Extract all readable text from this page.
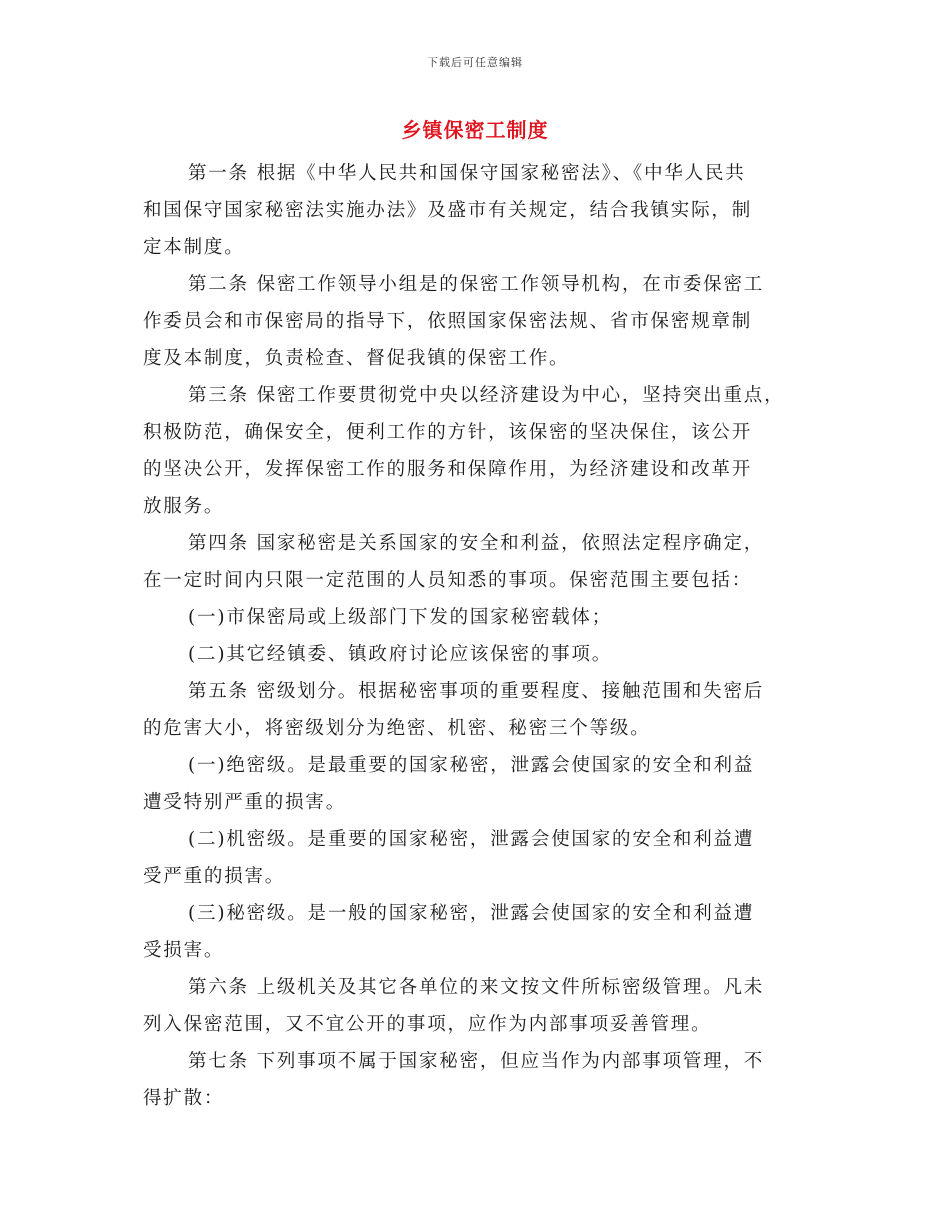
下载后可任意编辑
乡镇保密工制度
第一条 根据《中华人民共和国保守国家秘密法》、《中华人民共
和国保守国家秘密法实施办法》及盛市有关规定，结合我镇实际，制
定本制度。
第二条 保密工作领导小组是的保密工作领导机构，在市委保密工
作委员会和市保密局的指导下，依照国家保密法规、省市保密规章制
度及本制度，负责检查、督促我镇的保密工作。
第三条 保密工作要贯彻党中央以经济建设为中心，坚持突出重点，
积极防范，确保安全，便利工作的方针，该保密的坚决保住，该公开
的坚决公开，发挥保密工作的服务和保障作用，为经济建设和改革开
放服务。
第四条 国家秘密是关系国家的安全和利益，依照法定程序确定，
在一定时间内只限一定范围的人员知悉的事项。保密范围主要包括：
(一)市保密局或上级部门下发的国家秘密载体；
(二)其它经镇委、镇政府讨论应该保密的事项。
第五条 密级划分。根据秘密事项的重要程度、接触范围和失密后
的危害大小，将密级划分为绝密、机密、秘密三个等级。
(一)绝密级。是最重要的国家秘密，泄露会使国家的安全和利益
遭受特别严重的损害。
(二)机密级。是重要的国家秘密，泄露会使国家的安全和利益遭
受严重的损害。
(三)秘密级。是一般的国家秘密，泄露会使国家的安全和利益遭
受损害。
第六条 上级机关及其它各单位的来文按文件所标密级管理。凡未
列入保密范围，又不宜公开的事项，应作为内部事项妥善管理。
第七条 下列事项不属于国家秘密，但应当作为内部事项管理，不
得扩散：
